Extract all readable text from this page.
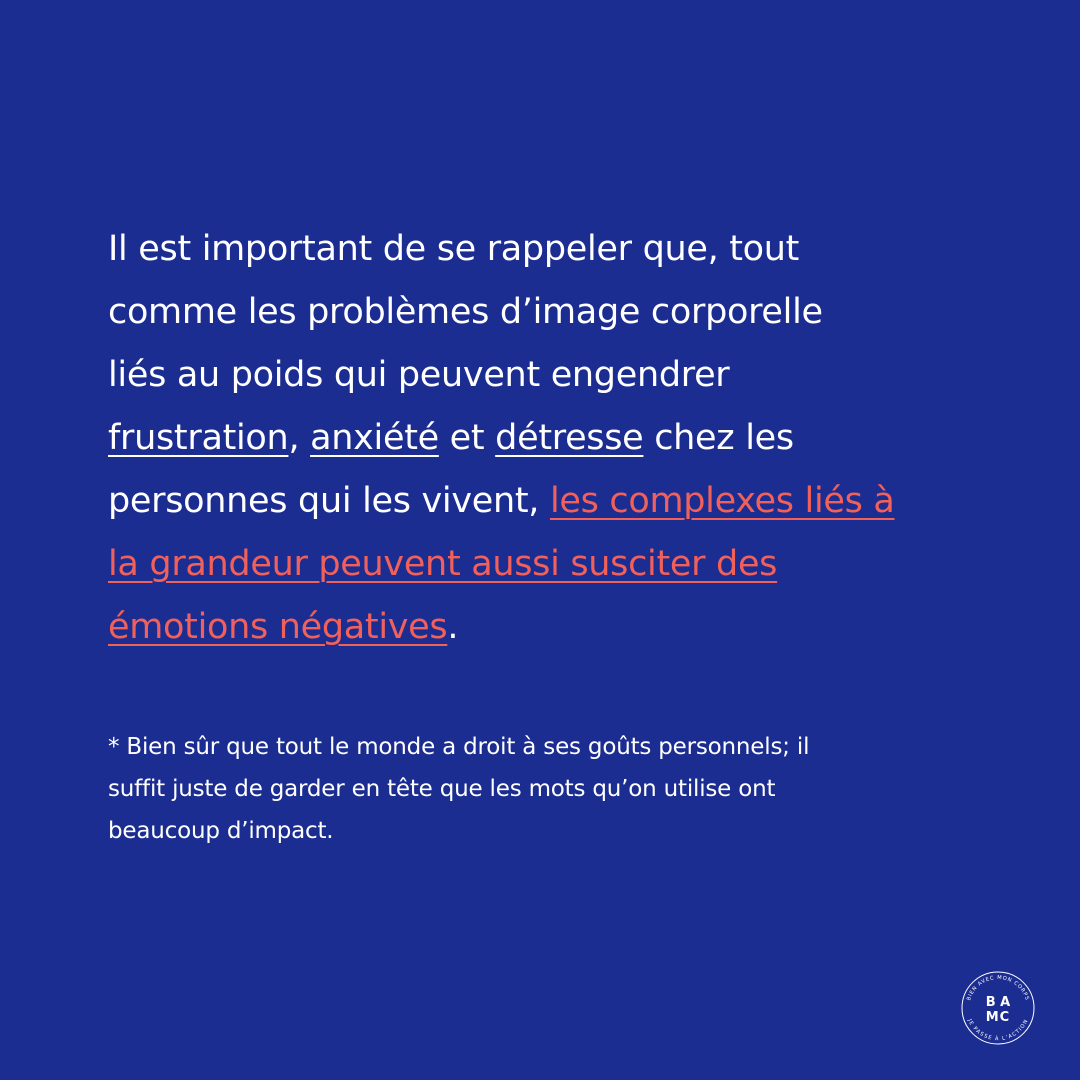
Il est important de se rappeler que, tout
comme les problèmes d’image corporelle
liés au poids qui peuvent engendrer
frustration, anxiété et détresse chez les
personnes qui les vivent, les complexes liés à
la grandeur peuvent aussi susciter des
émotions négatives.

* Bien sûr que tout le monde a droit à ses goûts personnels; il
suffit juste de garder en tête que les mots qu’on utilise ont
beaucoup d’impact.

BIEN AVEC MON CORPS
JE PASSE À L’ACTION
B A
MC
